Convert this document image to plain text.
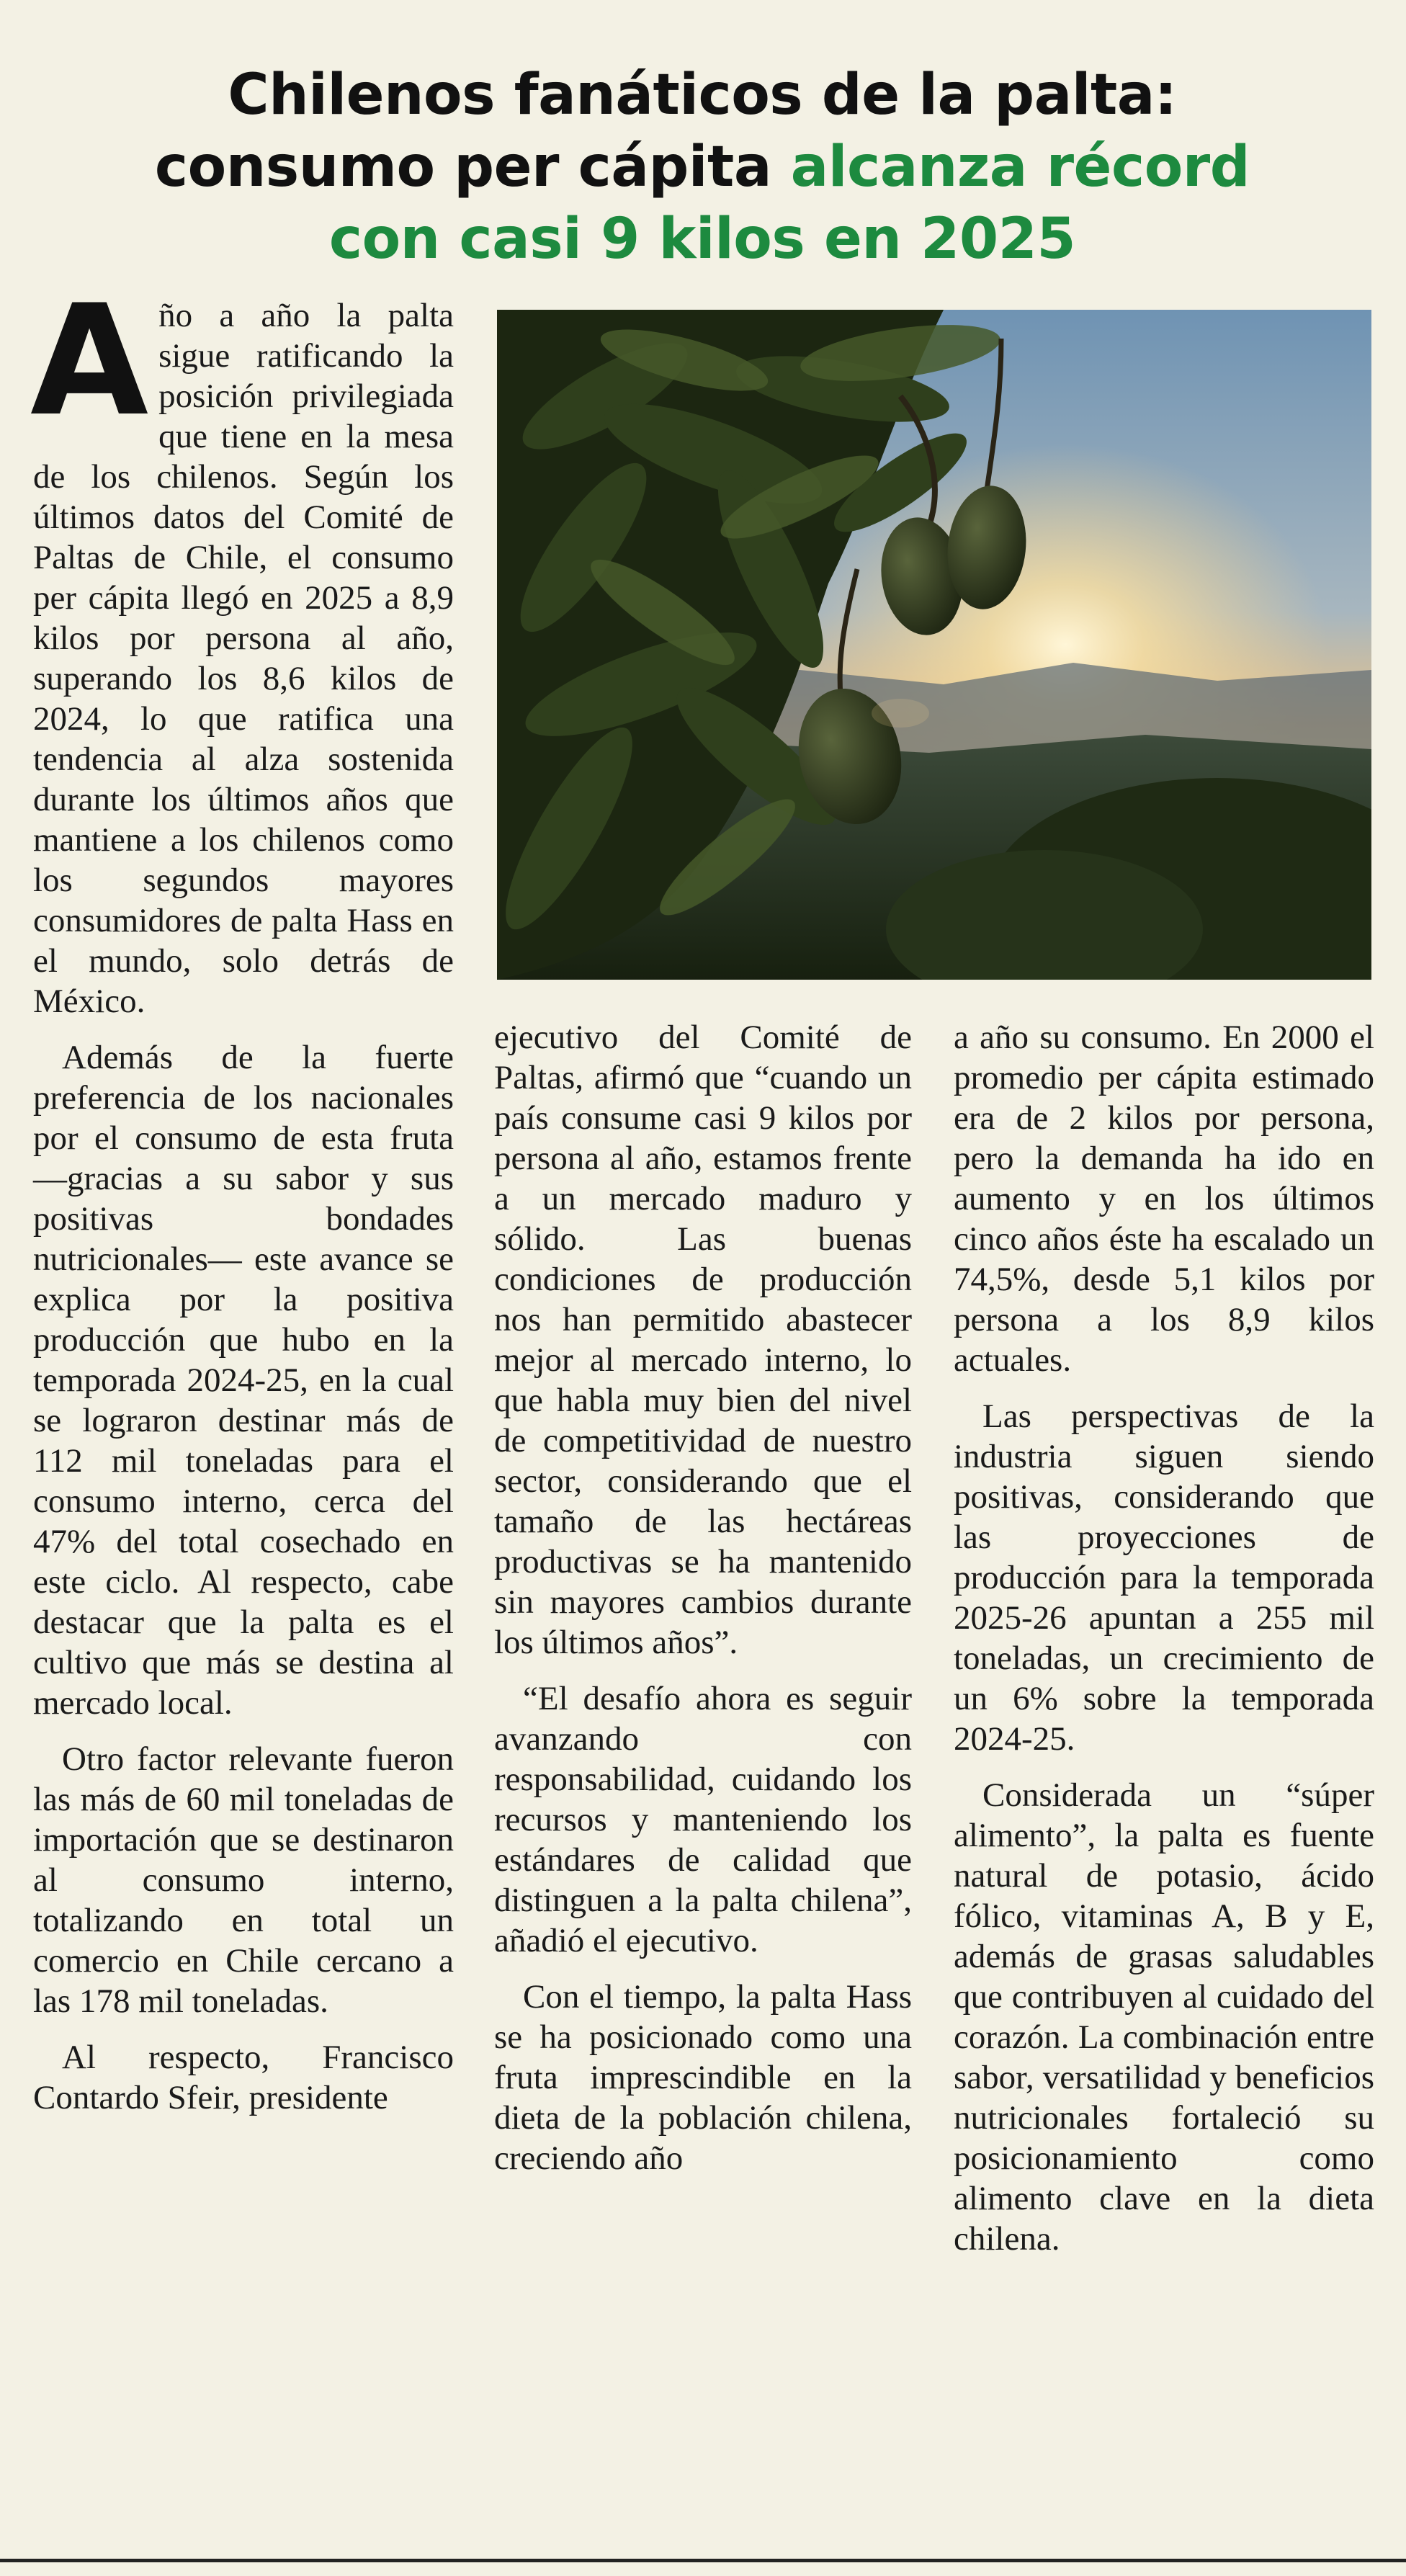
Chilenos fanáticos de la palta:
consumo per cápita alcanza récord
con casi 9 kilos en 2025

Año a año la palta sigue ratificando la posición privilegiada que tiene en la mesa de los chilenos. Según los últimos datos del Comité de Paltas de Chile, el consumo per cápita llegó en 2025 a 8,9 kilos por persona al año, superando los 8,6 kilos de 2024, lo que ratifica una tendencia al alza sostenida durante los últimos años que mantiene a los chilenos como los segundos mayores consumidores de palta Hass en el mundo, solo detrás de México.

Además de la fuerte preferencia de los nacionales por el consumo de esta fruta —gracias a su sabor y sus positivas bondades nutricionales— este avance se explica por la positiva producción que hubo en la temporada 2024-25, en la cual se lograron destinar más de 112 mil toneladas para el consumo interno, cerca del 47% del total cosechado en este ciclo. Al respecto, cabe destacar que la palta es el cultivo que más se destina al mercado local.

Otro factor relevante fueron las más de 60 mil toneladas de importación que se destinaron al consumo interno, totalizando en total un comercio en Chile cercano a las 178 mil toneladas.

Al respecto, Francisco Contardo Sfeir, presidente

ejecutivo del Comité de Paltas, afirmó que “cuando un país consume casi 9 kilos por persona al año, estamos frente a un mercado maduro y sólido. Las buenas condiciones de producción nos han permitido abastecer mejor al mercado interno, lo que habla muy bien del nivel de competitividad de nuestro sector, considerando que el tamaño de las hectáreas productivas se ha mantenido sin mayores cambios durante los últimos años”.

“El desafío ahora es seguir avanzando con responsabilidad, cuidando los recursos y manteniendo los estándares de calidad que distinguen a la palta chilena”, añadió el ejecutivo.

Con el tiempo, la palta Hass se ha posicionado como una fruta imprescindible en la dieta de la población chilena, creciendo año

a año su consumo. En 2000 el promedio per cápita estimado era de 2 kilos por persona, pero la demanda ha ido en aumento y en los últimos cinco años éste ha escalado un 74,5%, desde 5,1 kilos por persona a los 8,9 kilos actuales.

Las perspectivas de la industria siguen siendo positivas, considerando que las proyecciones de producción para la temporada 2025-26 apuntan a 255 mil toneladas, un crecimiento de un 6% sobre la temporada 2024-25.

Considerada un “súper alimento”, la palta es fuente natural de potasio, ácido fólico, vitaminas A, B y E, además de grasas saludables que contribuyen al cuidado del corazón. La combinación entre sabor, versatilidad y beneficios nutricionales fortaleció su posicionamiento como alimento clave en la dieta chilena.
